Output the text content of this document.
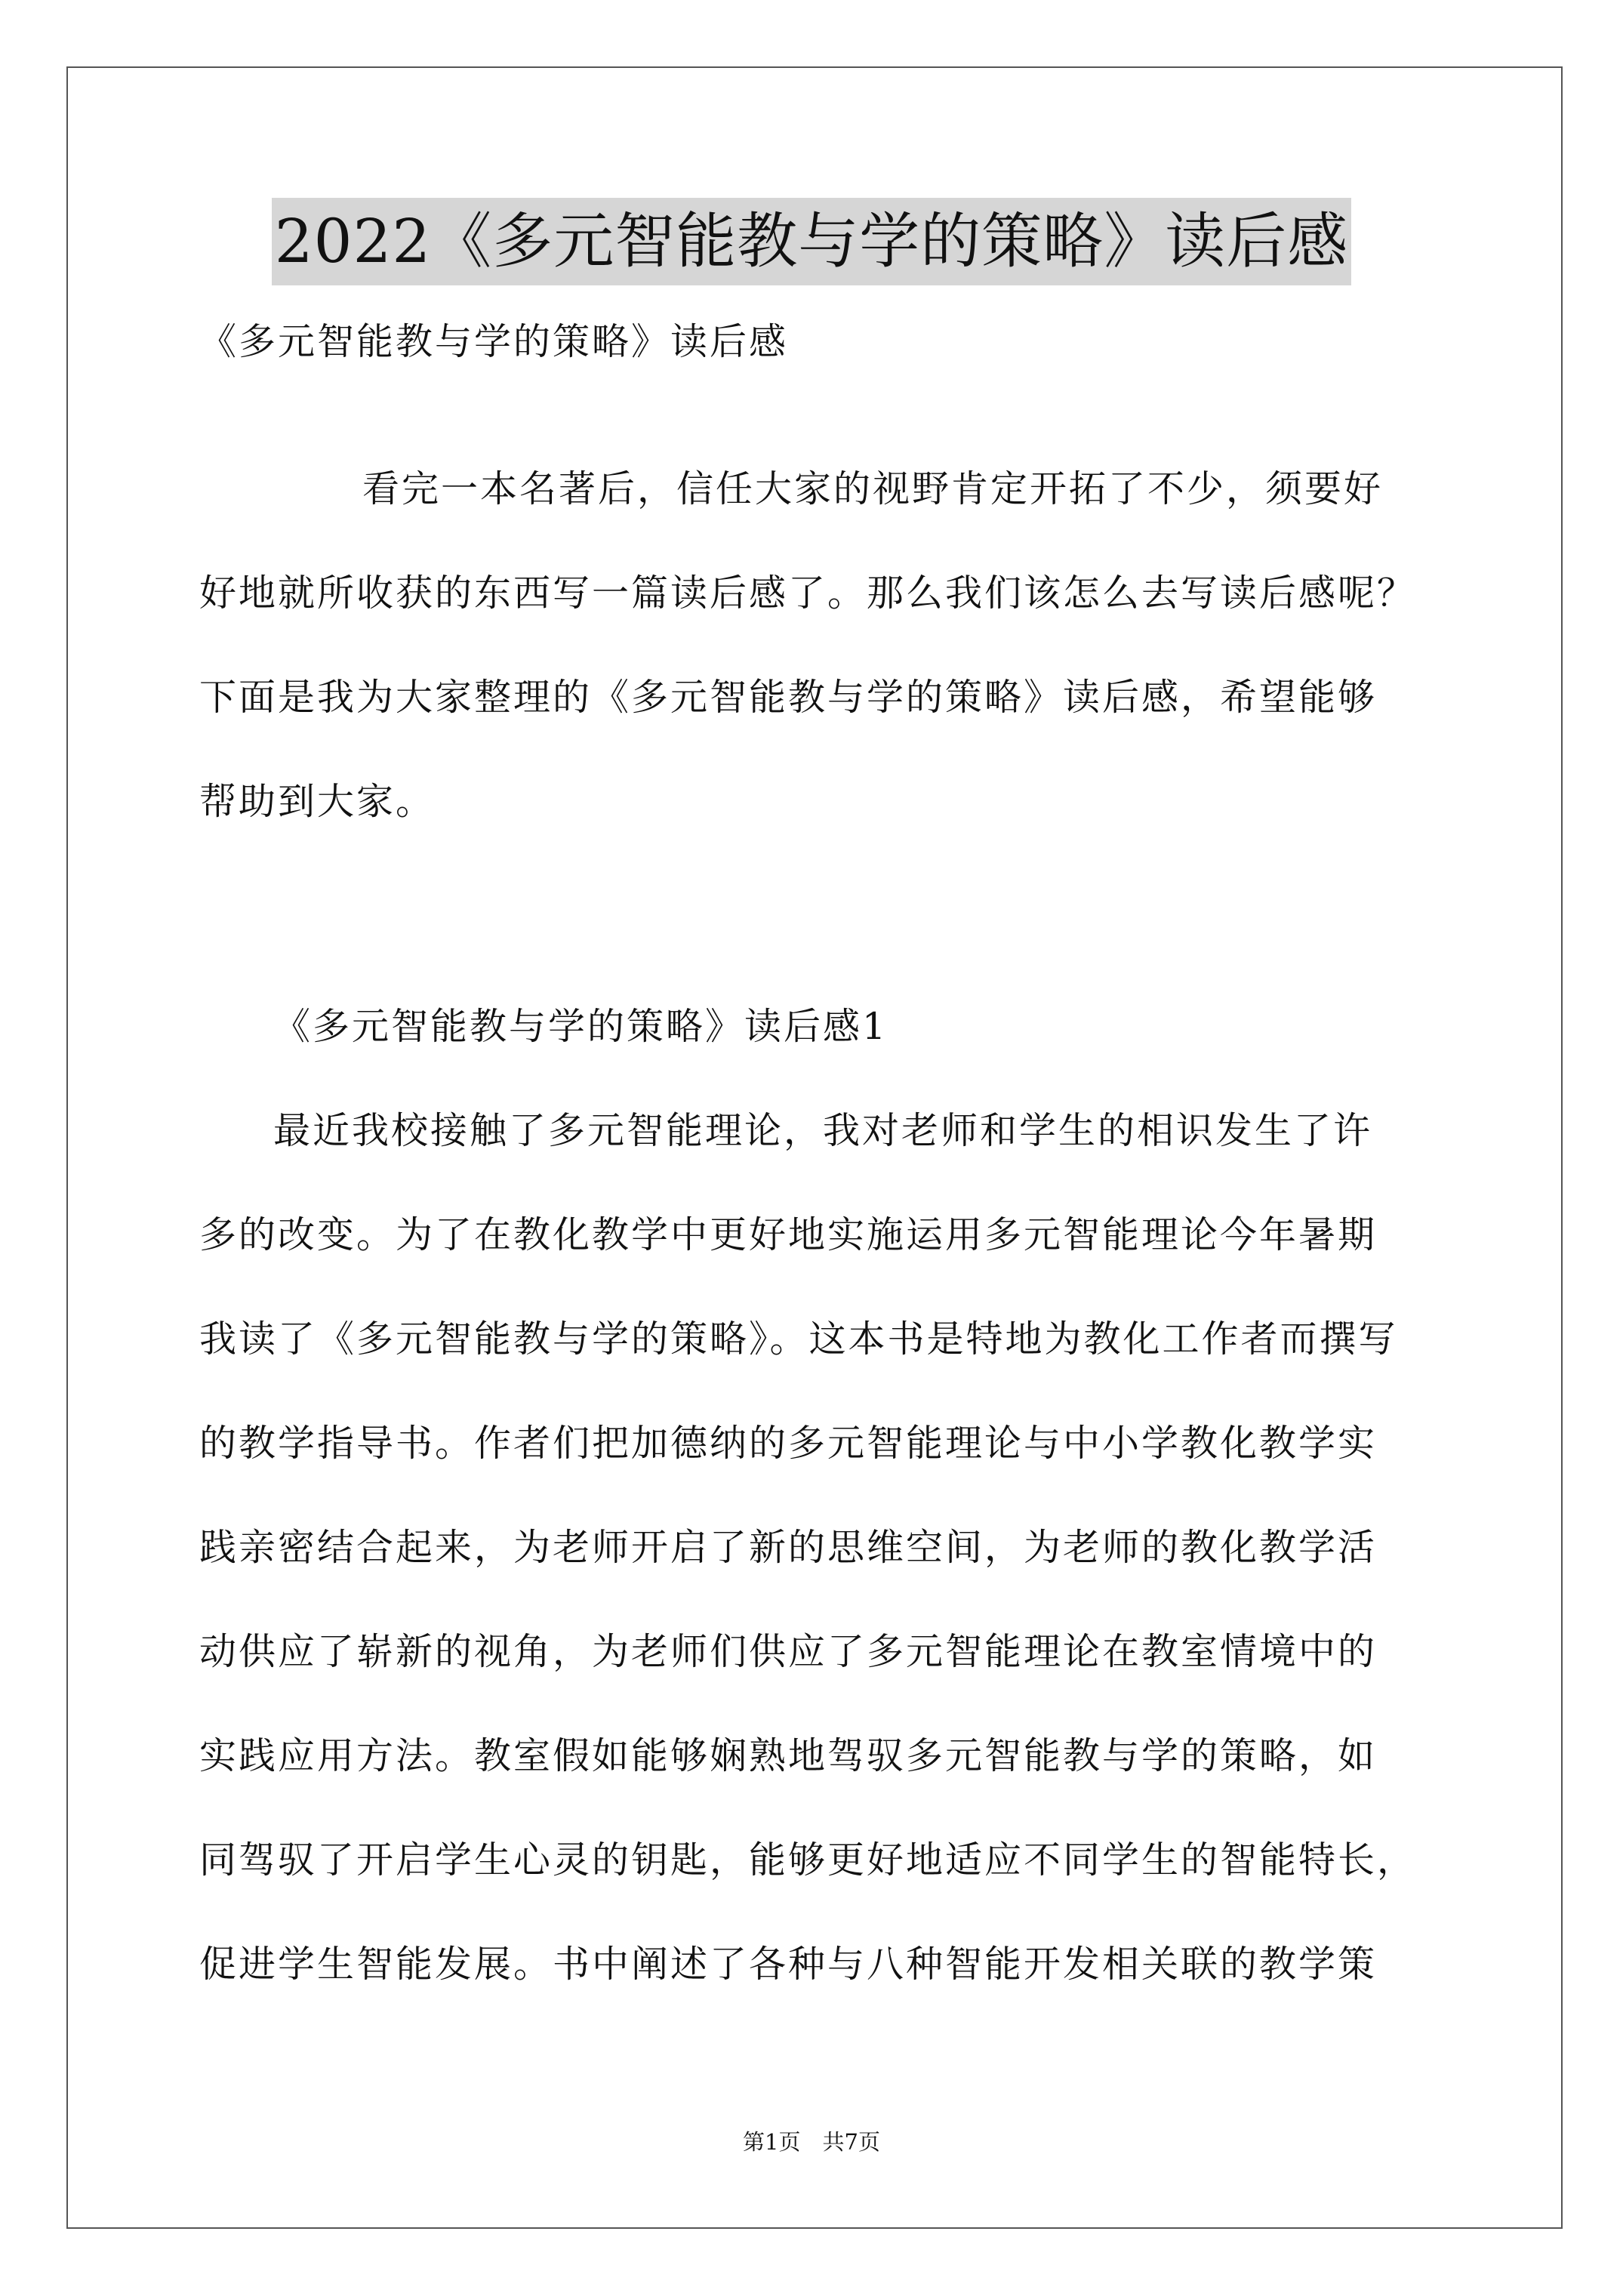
2022《多元智能教与学的策略》读后感
《多元智能教与学的策略》读后感
看完一本名著后，信任大家的视野肯定开拓了不少，须要好
好地就所收获的东西写一篇读后感了。那么我们该怎么去写读后感呢？
下面是我为大家整理的《多元智能教与学的策略》读后感，希望能够
帮助到大家。
《多元智能教与学的策略》读后感1
最近我校接触了多元智能理论，我对老师和学生的相识发生了许
多的改变。为了在教化教学中更好地实施运用多元智能理论今年暑期
我读了《多元智能教与学的策略》。这本书是特地为教化工作者而撰写
的教学指导书。作者们把加德纳的多元智能理论与中小学教化教学实
践亲密结合起来，为老师开启了新的思维空间，为老师的教化教学活
动供应了崭新的视角，为老师们供应了多元智能理论在教室情境中的
实践应用方法。教室假如能够娴熟地驾驭多元智能教与学的策略，如
同驾驭了开启学生心灵的钥匙，能够更好地适应不同学生的智能特长，
促进学生智能发展。书中阐述了各种与八种智能开发相关联的教学策
第1页　共7页
